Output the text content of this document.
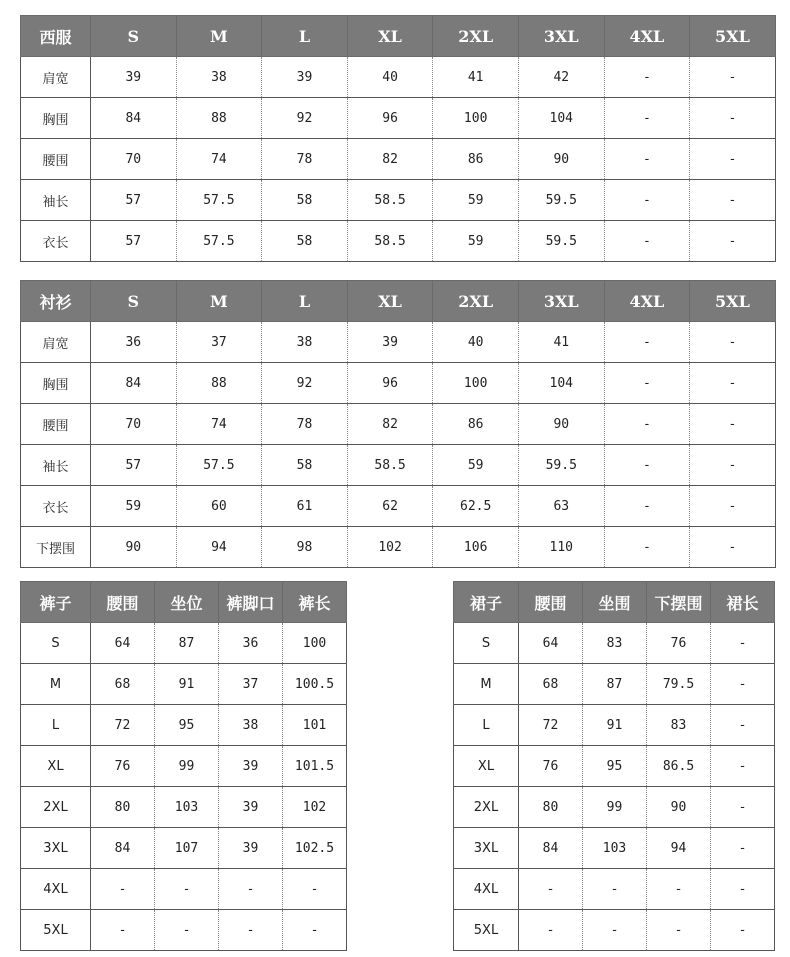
西服	S	M	L	XL	2XL	3XL	4XL	5XL
肩宽	39	38	39	40	41	42	-	-
胸围	84	88	92	96	100	104	-	-
腰围	70	74	78	82	86	90	-	-
袖长	57	57.5	58	58.5	59	59.5	-	-
衣长	57	57.5	58	58.5	59	59.5	-	-
衬衫	S	M	L	XL	2XL	3XL	4XL	5XL
肩宽	36	37	38	39	40	41	-	-
胸围	84	88	92	96	100	104	-	-
腰围	70	74	78	82	86	90	-	-
袖长	57	57.5	58	58.5	59	59.5	-	-
衣长	59	60	61	62	62.5	63	-	-
下摆围	90	94	98	102	106	110	-	-
裤子	腰围	坐位	裤脚口	裤长
S	64	87	36	100
M	68	91	37	100.5
L	72	95	38	101
XL	76	99	39	101.5
2XL	80	103	39	102
3XL	84	107	39	102.5
4XL	-	-	-	-
5XL	-	-	-	-
裙子	腰围	坐围	下摆围	裙长
S	64	83	76	-
M	68	87	79.5	-
L	72	91	83	-
XL	76	95	86.5	-
2XL	80	99	90	-
3XL	84	103	94	-
4XL	-	-	-	-
5XL	-	-	-	-
